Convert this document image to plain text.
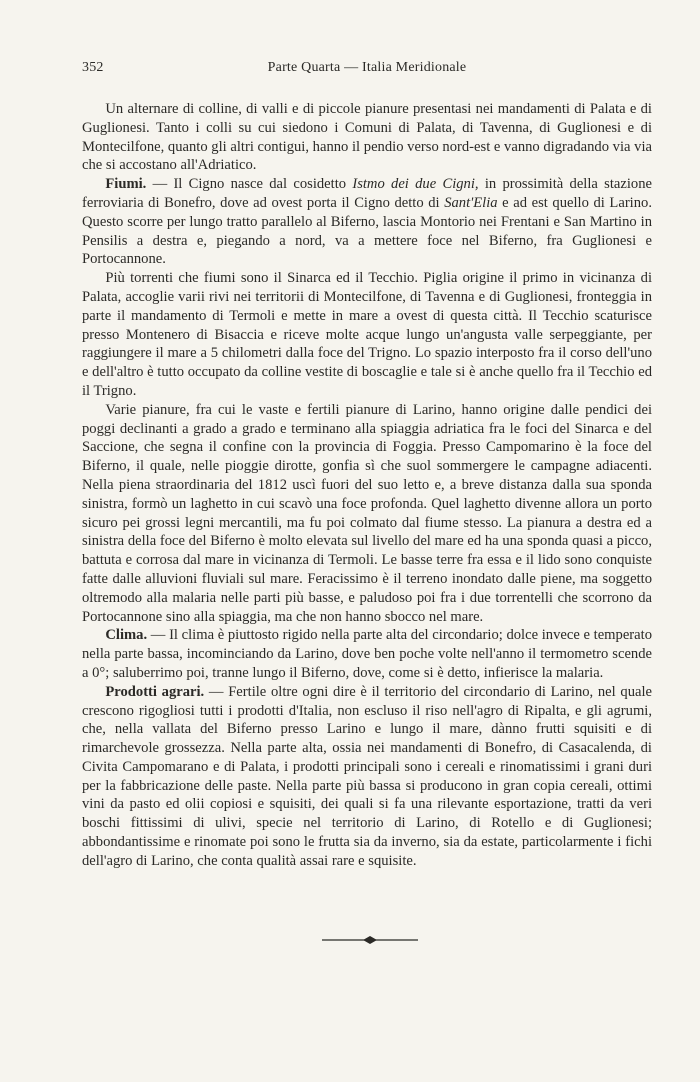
352	Parte Quarta — Italia Meridionale

Un alternare di colline, di valli e di piccole pianure presentasi nei mandamenti di Palata e di Guglionesi. Tanto i colli su cui siedono i Comuni di Palata, di Tavenna, di Guglionesi e di Montecilfone, quanto gli altri contigui, hanno il pendio verso nord-est e vanno digradando via via che si accostano all'Adriatico.

Fiumi. — Il Cigno nasce dal cosidetto Istmo dei due Cigni, in prossimità della stazione ferroviaria di Bonefro, dove ad ovest porta il Cigno detto di Sant'Elia e ad est quello di Larino. Questo scorre per lungo tratto parallelo al Biferno, lascia Montorio nei Frentani e San Martino in Pensilis a destra e, piegando a nord, va a mettere foce nel Biferno, fra Guglionesi e Portocannone.

Più torrenti che fiumi sono il Sinarca ed il Tecchio. Piglia origine il primo in vicinanza di Palata, accoglie varii rivi nei territorii di Montecilfone, di Tavenna e di Guglionesi, fronteggia in parte il mandamento di Termoli e mette in mare a ovest di questa città. Il Tecchio scaturisce presso Montenero di Bisaccia e riceve molte acque lungo un'angusta valle serpeggiante, per raggiungere il mare a 5 chilometri dalla foce del Trigno. Lo spazio interposto fra il corso dell'uno e dell'altro è tutto occupato da colline vestite di boscaglie e tale si è anche quello fra il Tecchio ed il Trigno.

Varie pianure, fra cui le vaste e fertili pianure di Larino, hanno origine dalle pendici dei poggi declinanti a grado a grado e terminano alla spiaggia adriatica fra le foci del Sinarca e del Saccione, che segna il confine con la provincia di Foggia. Presso Campomarino è la foce del Biferno, il quale, nelle pioggie dirotte, gonfia sì che suol sommergere le campagne adiacenti. Nella piena straordinaria del 1812 uscì fuori del suo letto e, a breve distanza dalla sua sponda sinistra, formò un laghetto in cui scavò una foce profonda. Quel laghetto divenne allora un porto sicuro pei grossi legni mercantili, ma fu poi colmato dal fiume stesso. La pianura a destra ed a sinistra della foce del Biferno è molto elevata sul livello del mare ed ha una sponda quasi a picco, battuta e corrosa dal mare in vicinanza di Termoli. Le basse terre fra essa e il lido sono conquiste fatte dalle alluvioni fluviali sul mare. Feracissimo è il terreno inondato dalle piene, ma soggetto oltremodo alla malaria nelle parti più basse, e paludoso poi fra i due torrentelli che scorrono da Portocannone sino alla spiaggia, ma che non hanno sbocco nel mare.

Clima. — Il clima è piuttosto rigido nella parte alta del circondario; dolce invece e temperato nella parte bassa, incominciando da Larino, dove ben poche volte nell'anno il termometro scende a 0°; saluberrimo poi, tranne lungo il Biferno, dove, come si è detto, infierisce la malaria.

Prodotti agrari. — Fertile oltre ogni dire è il territorio del circondario di Larino, nel quale crescono rigogliosi tutti i prodotti d'Italia, non escluso il riso nell'agro di Ripalta, e gli agrumi, che, nella vallata del Biferno presso Larino e lungo il mare, dànno frutti squisiti e di rimarchevole grossezza. Nella parte alta, ossia nei mandamenti di Bonefro, di Casacalenda, di Civita Campomarano e di Palata, i prodotti principali sono i cereali e rinomatissimi i grani duri per la fabbricazione delle paste. Nella parte più bassa si producono in gran copia cereali, ottimi vini da pasto ed olii copiosi e squisiti, dei quali si fa una rilevante esportazione, tratti da veri boschi fittissimi di ulivi, specie nel territorio di Larino, di Rotello e di Guglionesi; abbondantissime e rinomate poi sono le frutta sia da inverno, sia da estate, particolarmente i fichi dell'agro di Larino, che conta qualità assai rare e squisite.
